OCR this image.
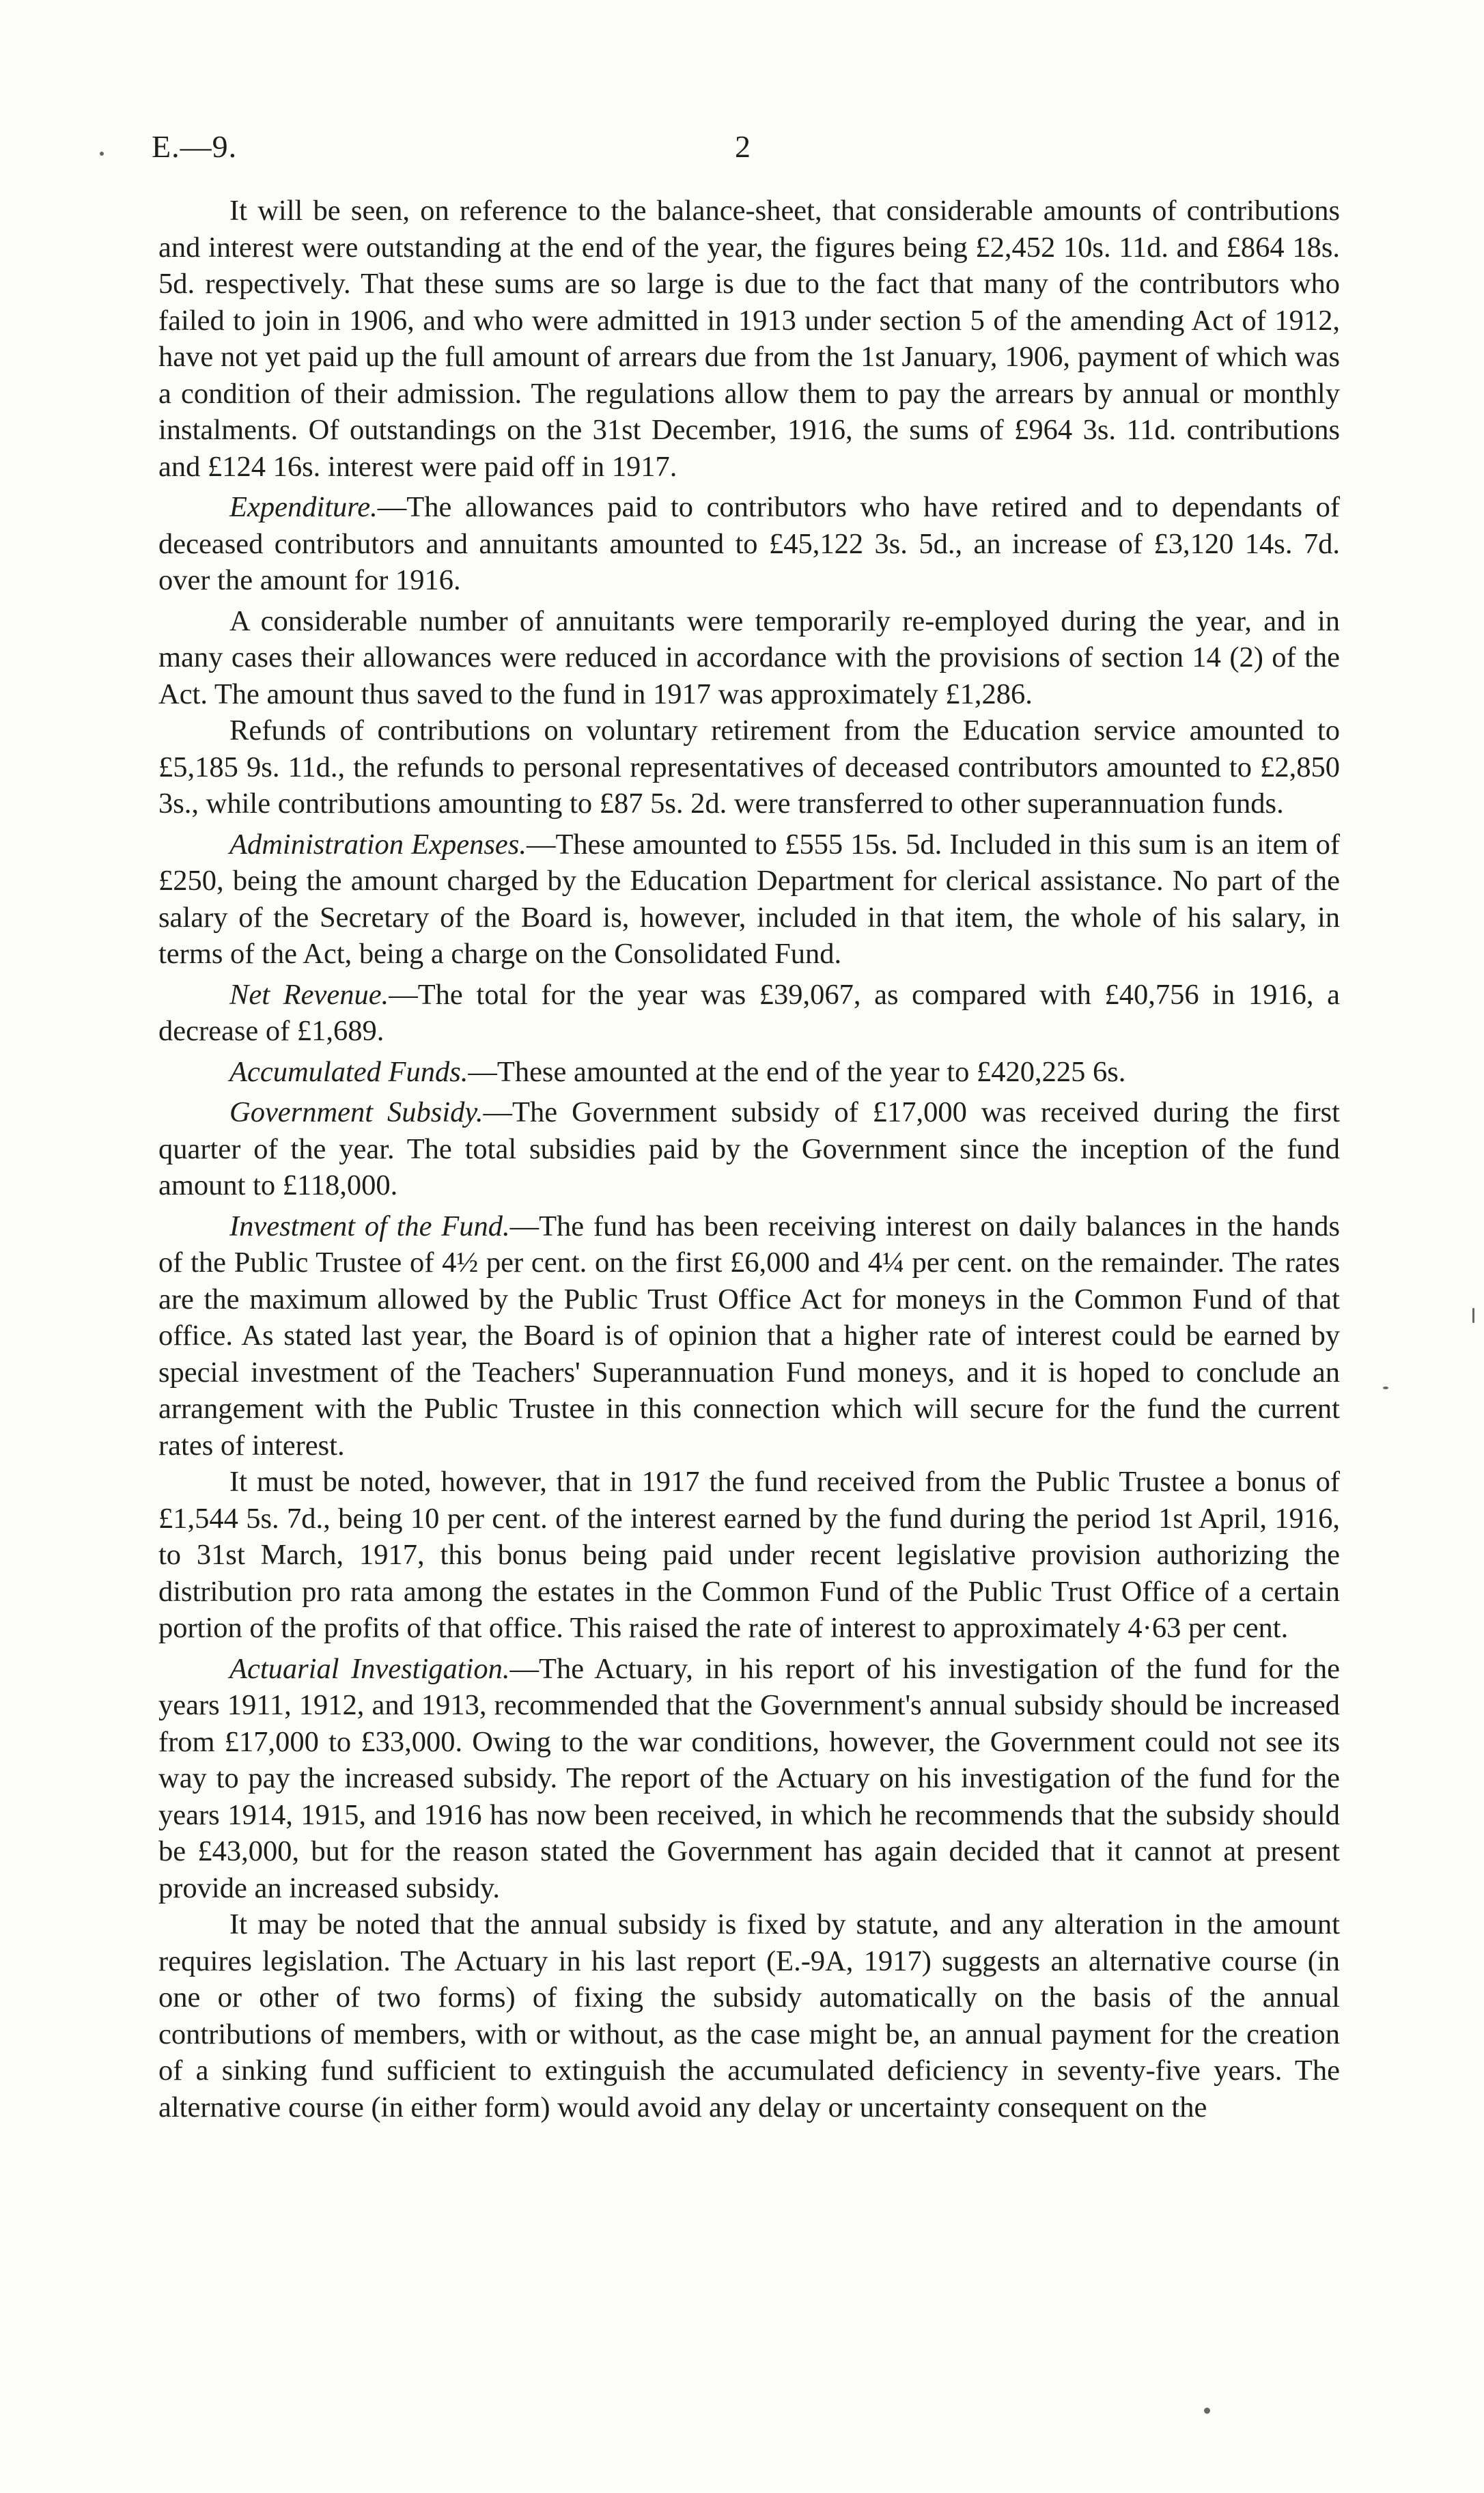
E.—9.	2

It will be seen, on reference to the balance-sheet, that considerable amounts of contributions and interest were outstanding at the end of the year, the figures being £2,452 10s. 11d. and £864 18s. 5d. respectively. That these sums are so large is due to the fact that many of the contributors who failed to join in 1906, and who were admitted in 1913 under section 5 of the amending Act of 1912, have not yet paid up the full amount of arrears due from the 1st January, 1906, payment of which was a condition of their admission. The regulations allow them to pay the arrears by annual or monthly instalments. Of outstandings on the 31st December, 1916, the sums of £964 3s. 11d. contributions and £124 16s. interest were paid off in 1917.

Expenditure.—The allowances paid to contributors who have retired and to dependants of deceased contributors and annuitants amounted to £45,122 3s. 5d., an increase of £3,120 14s. 7d. over the amount for 1916.

A considerable number of annuitants were temporarily re-employed during the year, and in many cases their allowances were reduced in accordance with the provisions of section 14 (2) of the Act. The amount thus saved to the fund in 1917 was approximately £1,286.

Refunds of contributions on voluntary retirement from the Education service amounted to £5,185 9s. 11d., the refunds to personal representatives of deceased contributors amounted to £2,850 3s., while contributions amounting to £87 5s. 2d. were transferred to other superannuation funds.

Administration Expenses.—These amounted to £555 15s. 5d. Included in this sum is an item of £250, being the amount charged by the Education Department for clerical assistance. No part of the salary of the Secretary of the Board is, however, included in that item, the whole of his salary, in terms of the Act, being a charge on the Consolidated Fund.

Net Revenue.—The total for the year was £39,067, as compared with £40,756 in 1916, a decrease of £1,689.

Accumulated Funds.—These amounted at the end of the year to £420,225 6s.

Government Subsidy.—The Government subsidy of £17,000 was received during the first quarter of the year. The total subsidies paid by the Government since the inception of the fund amount to £118,000.

Investment of the Fund.—The fund has been receiving interest on daily balances in the hands of the Public Trustee of 4½ per cent. on the first £6,000 and 4¼ per cent. on the remainder. The rates are the maximum allowed by the Public Trust Office Act for moneys in the Common Fund of that office. As stated last year, the Board is of opinion that a higher rate of interest could be earned by special investment of the Teachers' Superannuation Fund moneys, and it is hoped to conclude an arrangement with the Public Trustee in this connection which will secure for the fund the current rates of interest.

It must be noted, however, that in 1917 the fund received from the Public Trustee a bonus of £1,544 5s. 7d., being 10 per cent. of the interest earned by the fund during the period 1st April, 1916, to 31st March, 1917, this bonus being paid under recent legislative provision authorizing the distribution pro rata among the estates in the Common Fund of the Public Trust Office of a certain portion of the profits of that office. This raised the rate of interest to approximately 4·63 per cent.

Actuarial Investigation.—The Actuary, in his report of his investigation of the fund for the years 1911, 1912, and 1913, recommended that the Government's annual subsidy should be increased from £17,000 to £33,000. Owing to the war conditions, however, the Government could not see its way to pay the increased subsidy. The report of the Actuary on his investigation of the fund for the years 1914, 1915, and 1916 has now been received, in which he recommends that the subsidy should be £43,000, but for the reason stated the Government has again decided that it cannot at present provide an increased subsidy.

It may be noted that the annual subsidy is fixed by statute, and any alteration in the amount requires legislation. The Actuary in his last report (E.-9A, 1917) suggests an alternative course (in one or other of two forms) of fixing the subsidy automatically on the basis of the annual contributions of members, with or without, as the case might be, an annual payment for the creation of a sinking fund sufficient to extinguish the accumulated deficiency in seventy-five years. The alternative course (in either form) would avoid any delay or uncertainty consequent on the
